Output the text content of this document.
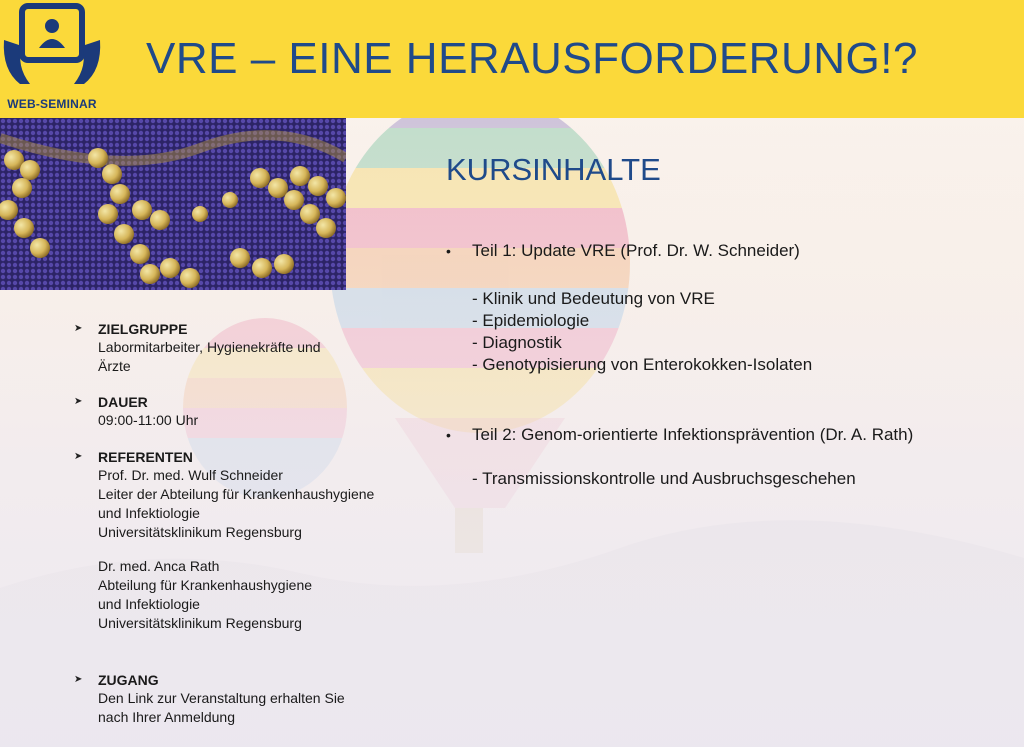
WEB-SEMINAR
VRE – EINE HERAUSFORDERUNG!?
➤ ZIELGRUPPE
Labormitarbeiter, Hygienekräfte und
Ärzte
➤ DAUER
09:00-11:00 Uhr
➤ REFERENTEN
Prof. Dr. med. Wulf Schneider
Leiter der Abteilung für Krankenhaushygiene
und Infektiologie
Universitätsklinikum Regensburg
Dr. med. Anca Rath
Abteilung für Krankenhaushygiene
und Infektiologie
Universitätsklinikum Regensburg
➤ ZUGANG
Den Link zur Veranstaltung erhalten Sie
nach Ihrer Anmeldung
KURSINHALTE
• Teil 1: Update VRE (Prof. Dr. W. Schneider)
- Klinik und Bedeutung von VRE
- Epidemiologie
- Diagnostik
- Genotypisierung von Enterokokken-Isolaten
• Teil 2: Genom-orientierte Infektionsprävention (Dr. A. Rath)
- Transmissionskontrolle und Ausbruchsgeschehen
